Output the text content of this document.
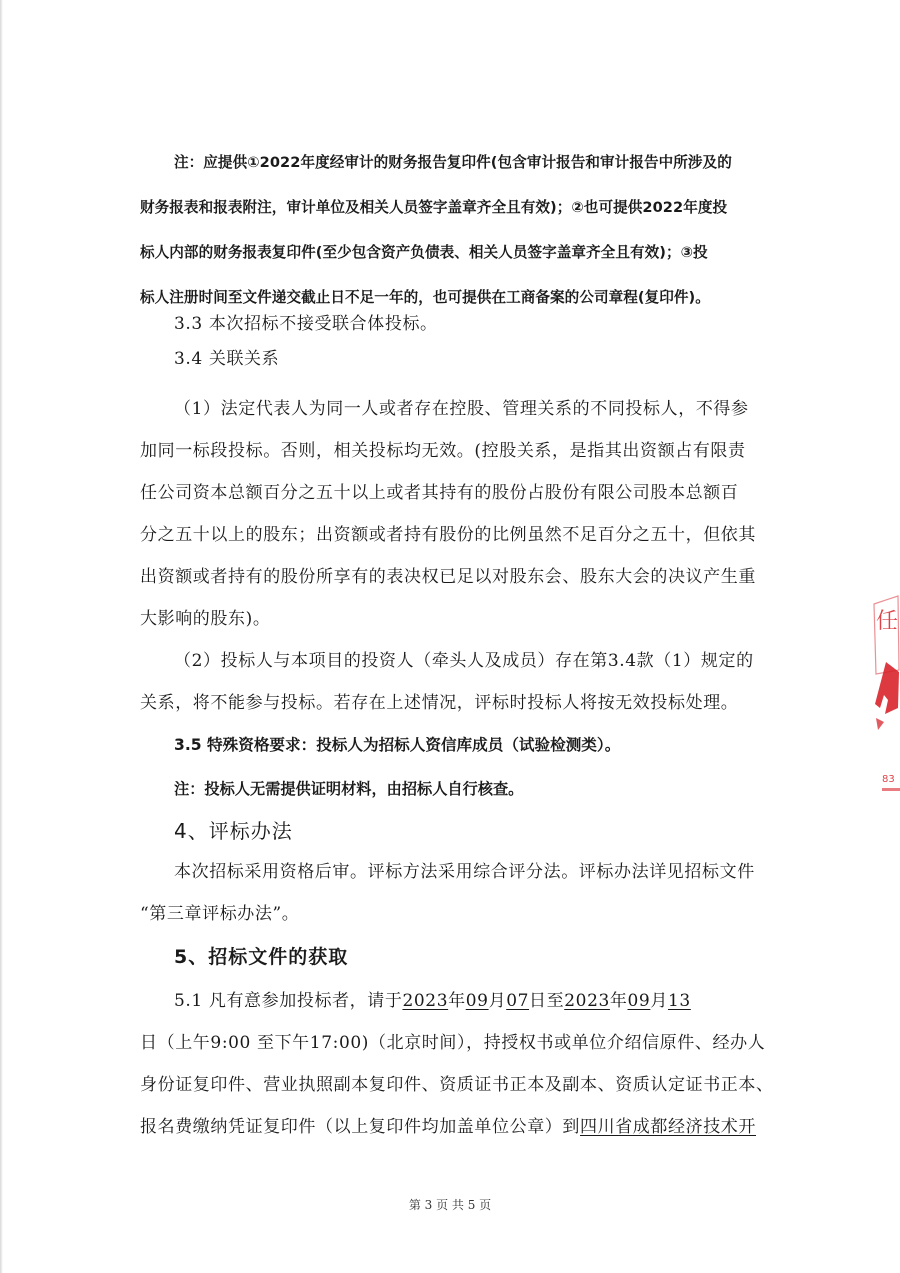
注：应提供①2022年度经审计的财务报告复印件(包含审计报告和审计报告中所涉及的
财务报表和报表附注，审计单位及相关人员签字盖章齐全且有效)；②也可提供2022年度投
标人内部的财务报表复印件(至少包含资产负债表、相关人员签字盖章齐全且有效)；③投
标人注册时间至文件递交截止日不足一年的，也可提供在工商备案的公司章程(复印件)。
3.3 本次招标不接受联合体投标。
3.4 关联关系
（1）法定代表人为同一人或者存在控股、管理关系的不同投标人，不得参
加同一标段投标。否则，相关投标均无效。(控股关系，是指其出资额占有限责
任公司资本总额百分之五十以上或者其持有的股份占股份有限公司股本总额百
分之五十以上的股东；出资额或者持有股份的比例虽然不足百分之五十，但依其
出资额或者持有的股份所享有的表决权已足以对股东会、股东大会的决议产生重
大影响的股东)。
（2）投标人与本项目的投资人（牵头人及成员）存在第3.4款（1）规定的
关系，将不能参与投标。若存在上述情况，评标时投标人将按无效投标处理。
3.5 特殊资格要求：投标人为招标人资信库成员（试验检测类）。
注：投标人无需提供证明材料，由招标人自行核查。
4、评标办法
本次招标采用资格后审。评标方法采用综合评分法。评标办法详见招标文件
“第三章评标办法”。
5、招标文件的获取
5.1 凡有意参加投标者，请于2023年09月07日至2023年09月13
日（上午9:00 至下午17:00)（北京时间），持授权书或单位介绍信原件、经办人
身份证复印件、营业执照副本复印件、资质证书正本及副本、资质认定证书正本、
报名费缴纳凭证复印件（以上复印件均加盖单位公章）到四川省成都经济技术开
第 3 页 共 5 页
任
83
